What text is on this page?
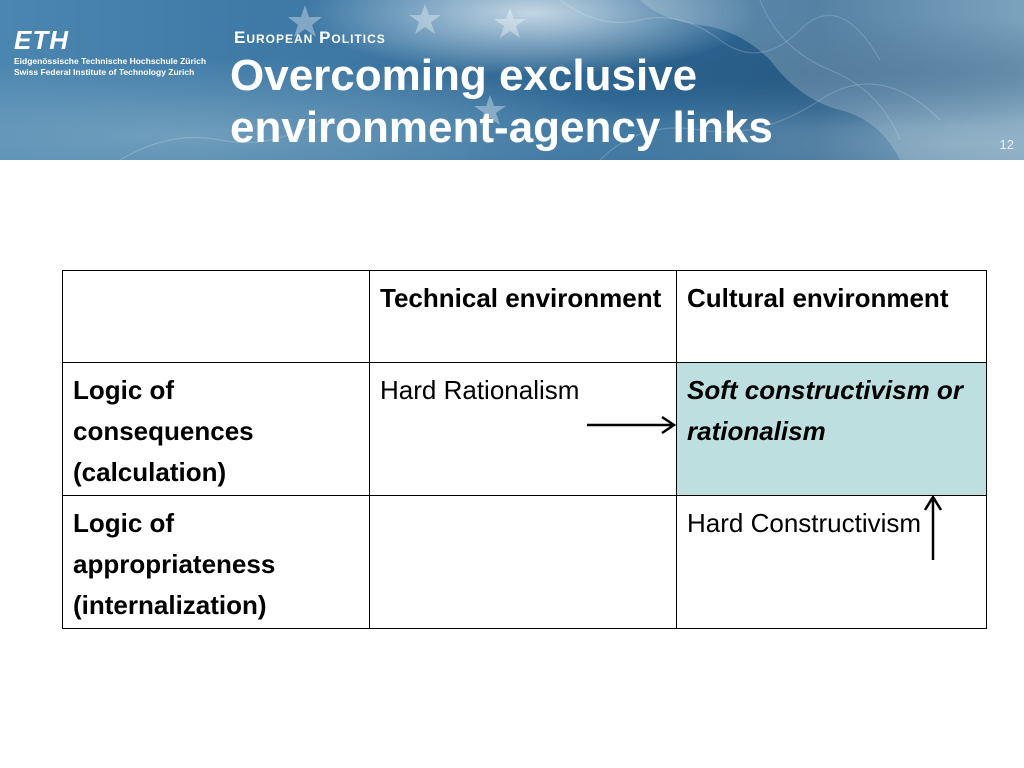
ETH
Eidgenössische Technische Hochschule Zürich
Swiss Federal Institute of Technology Zurich
European Politics
Overcoming exclusive
environment-agency links	12
	Technical environment	Cultural environment
Logic of consequences (calculation)	Hard Rationalism	Soft constructivism or rationalism
Logic of appropriateness (internalization)		Hard Constructivism
